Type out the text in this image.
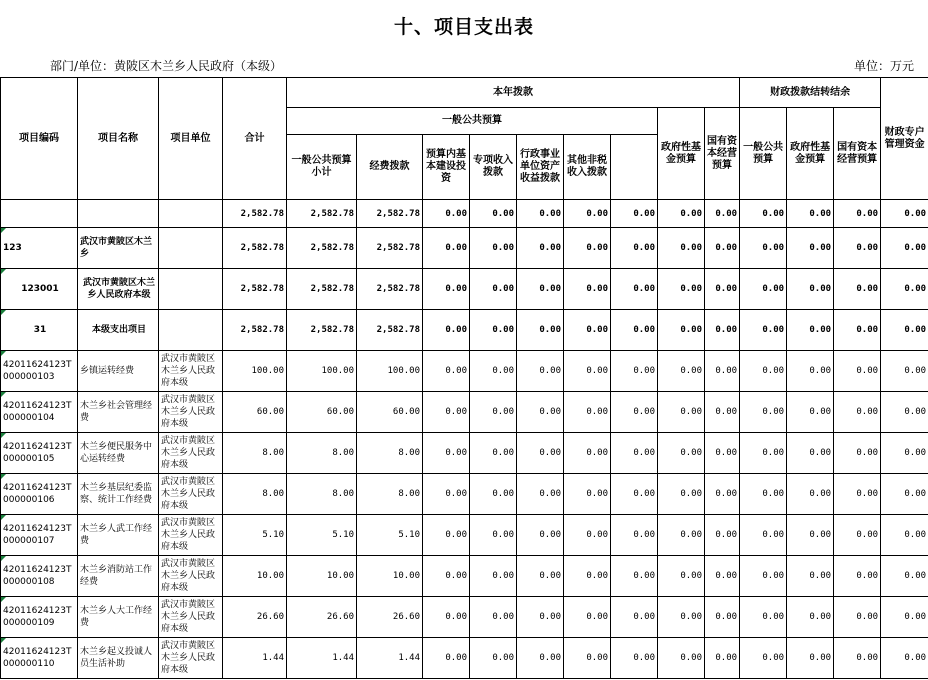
十、项目支出表
部门/单位：黄陂区木兰乡人民政府（本级）	单位：万元
项目编码	项目名称	项目单位	合计	本年拨款									财政拨款结转结余			财政专户管理资金	
				一般公共预算							政府性基金预算	国有资本经营预算	一般公共预算	政府性基金预算	国有资本经营预算		
				一般公共预算小计	经费拨款	预算内基本建设投资	专项收入拨款	行政事业单位资产收益拨款	其他非税收入拨款								
			2,582.78	2,582.78	2,582.78	0.00	0.00	0.00	0.00	0.00	0.00	0.00	0.00	0.00	0.00	0.00	
123	武汉市黄陂区木兰乡		2,582.78	2,582.78	2,582.78	0.00	0.00	0.00	0.00	0.00	0.00	0.00	0.00	0.00	0.00	0.00	
123001	武汉市黄陂区木兰乡人民政府本级		2,582.78	2,582.78	2,582.78	0.00	0.00	0.00	0.00	0.00	0.00	0.00	0.00	0.00	0.00	0.00	
31	本级支出项目		2,582.78	2,582.78	2,582.78	0.00	0.00	0.00	0.00	0.00	0.00	0.00	0.00	0.00	0.00	0.00	
42011624123T000000103	乡镇运转经费	武汉市黄陂区木兰乡人民政府本级	100.00	100.00	100.00	0.00	0.00	0.00	0.00	0.00	0.00	0.00	0.00	0.00	0.00	0.00	
42011624123T000000104	木兰乡社会管理经费	武汉市黄陂区木兰乡人民政府本级	60.00	60.00	60.00	0.00	0.00	0.00	0.00	0.00	0.00	0.00	0.00	0.00	0.00	0.00	
42011624123T000000105	木兰乡便民服务中心运转经费	武汉市黄陂区木兰乡人民政府本级	8.00	8.00	8.00	0.00	0.00	0.00	0.00	0.00	0.00	0.00	0.00	0.00	0.00	0.00	
42011624123T000000106	木兰乡基层纪委监察、统计工作经费	武汉市黄陂区木兰乡人民政府本级	8.00	8.00	8.00	0.00	0.00	0.00	0.00	0.00	0.00	0.00	0.00	0.00	0.00	0.00	
42011624123T000000107	木兰乡人武工作经费	武汉市黄陂区木兰乡人民政府本级	5.10	5.10	5.10	0.00	0.00	0.00	0.00	0.00	0.00	0.00	0.00	0.00	0.00	0.00	
42011624123T000000108	木兰乡消防站工作经费	武汉市黄陂区木兰乡人民政府本级	10.00	10.00	10.00	0.00	0.00	0.00	0.00	0.00	0.00	0.00	0.00	0.00	0.00	0.00	
42011624123T000000109	木兰乡人大工作经费	武汉市黄陂区木兰乡人民政府本级	26.60	26.60	26.60	0.00	0.00	0.00	0.00	0.00	0.00	0.00	0.00	0.00	0.00	0.00	
42011624123T000000110	木兰乡起义投诚人员生活补助	武汉市黄陂区木兰乡人民政府本级	1.44	1.44	1.44	0.00	0.00	0.00	0.00	0.00	0.00	0.00	0.00	0.00	0.00	0.00	
